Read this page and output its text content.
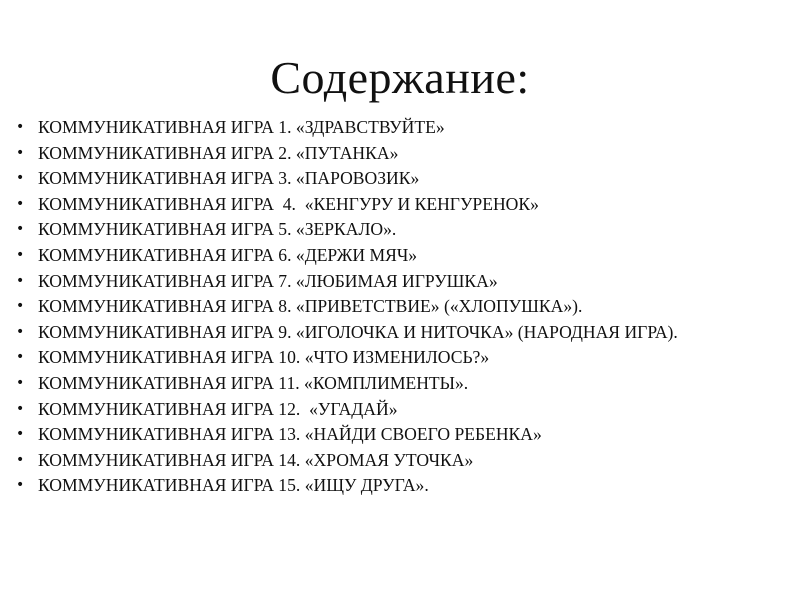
Содержание:
• КОММУНИКАТИВНАЯ ИГРА 1. «ЗДРАВСТВУЙТЕ»
• КОММУНИКАТИВНАЯ ИГРА 2. «ПУТАНКА»
• КОММУНИКАТИВНАЯ ИГРА 3. «ПАРОВОЗИК»
• КОММУНИКАТИВНАЯ ИГРА  4.  «КЕНГУРУ И КЕНГУРЕНОК»
• КОММУНИКАТИВНАЯ ИГРА 5. «ЗЕРКАЛО».
• КОММУНИКАТИВНАЯ ИГРА 6. «ДЕРЖИ МЯЧ»
• КОММУНИКАТИВНАЯ ИГРА 7. «ЛЮБИМАЯ ИГРУШКА»
• КОММУНИКАТИВНАЯ ИГРА 8. «ПРИВЕТСТВИЕ» («ХЛОПУШКА»).
• КОММУНИКАТИВНАЯ ИГРА 9. «ИГОЛОЧКА И НИТОЧКА» (НАРОДНАЯ ИГРА).
• КОММУНИКАТИВНАЯ ИГРА 10. «ЧТО ИЗМЕНИЛОСЬ?»
• КОММУНИКАТИВНАЯ ИГРА 11. «КОМПЛИМЕНТЫ».
• КОММУНИКАТИВНАЯ ИГРА 12.  «УГАДАЙ»
• КОММУНИКАТИВНАЯ ИГРА 13. «НАЙДИ СВОЕГО РЕБЕНКА»
• КОММУНИКАТИВНАЯ ИГРА 14. «ХРОМАЯ УТОЧКА»
• КОММУНИКАТИВНАЯ ИГРА 15. «ИЩУ ДРУГА».
